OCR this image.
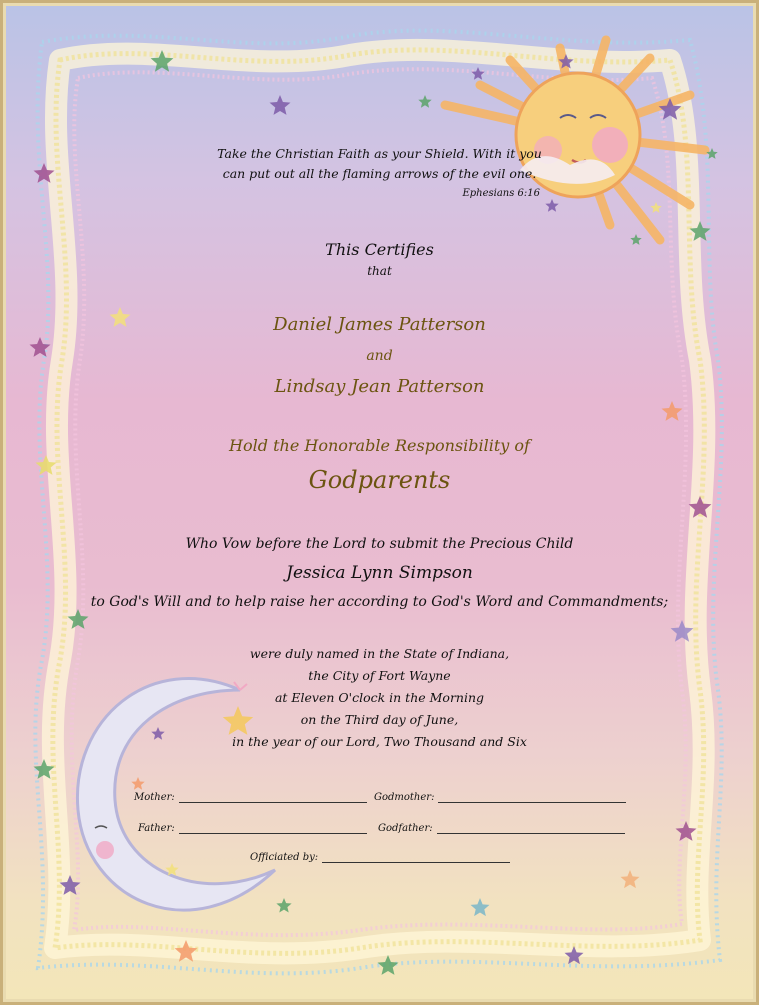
Take the Christian Faith as your Shield. With it you
can put out all the flaming arrows of the evil one.
Ephesians 6:16
This Certifies
that
Daniel James Patterson
and
Lindsay Jean Patterson
Hold the Honorable Responsibility of
Godparents
Who Vow before the Lord to submit the Precious Child
Jessica Lynn Simpson
to God's Will and to help raise her according to God's Word and Commandments;
were duly named in the State of Indiana,
the City of Fort Wayne
at Eleven O'clock in the Morning
on the Third day of June,
in the year of our Lord, Two Thousand and Six
Mother:	Godmother:
Father:	Godfather:
Officiated by:
